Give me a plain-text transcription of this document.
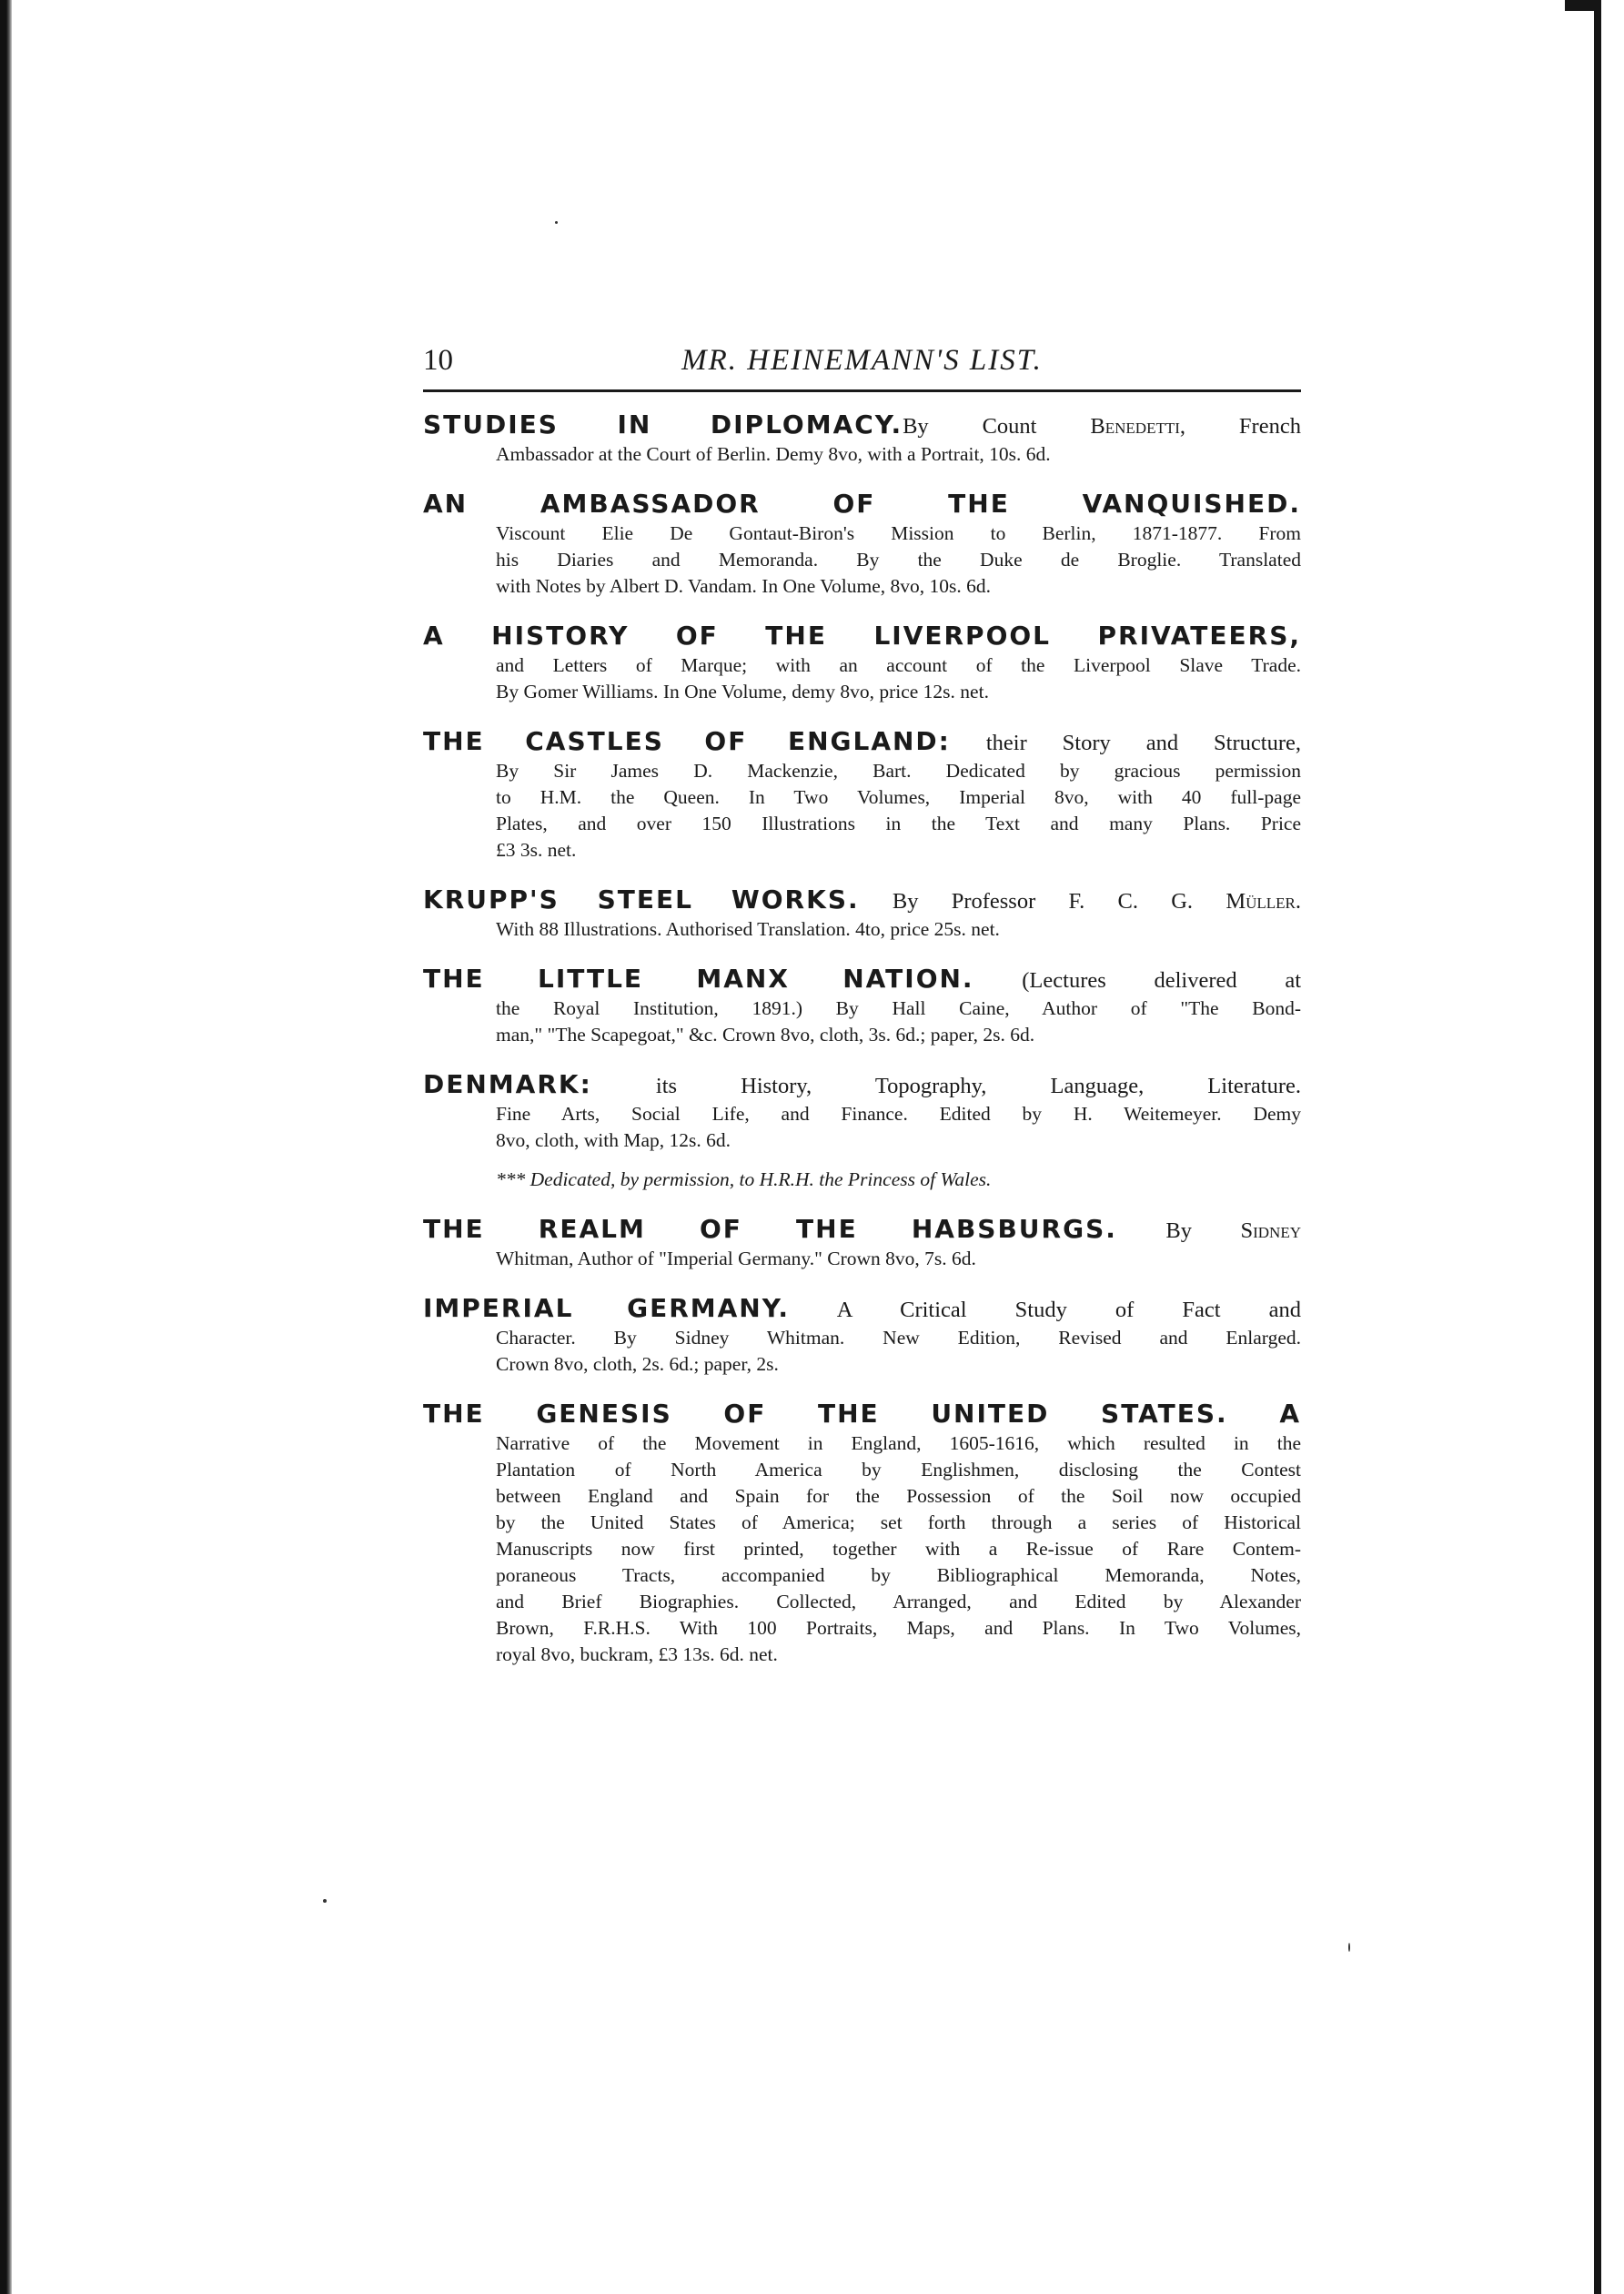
10	MR. HEINEMANN'S LIST.
STUDIES IN DIPLOMACY.By Count Benedetti, French
Ambassador at the Court of Berlin. Demy 8vo, with a Portrait, 10s. 6d.
AN AMBASSADOR OF THE VANQUISHED.
Viscount Elie De Gontaut-Biron's Mission to Berlin, 1871-1877. From
his Diaries and Memoranda. By the Duke de Broglie. Translated
with Notes by Albert D. Vandam. In One Volume, 8vo, 10s. 6d.
A HISTORY OF THE LIVERPOOL PRIVATEERS,
and Letters of Marque; with an account of the Liverpool Slave Trade.
By Gomer Williams. In One Volume, demy 8vo, price 12s. net.
THE CASTLES OF ENGLAND: their Story and Structure,
By Sir James D. Mackenzie, Bart. Dedicated by gracious permission
to H.M. the Queen. In Two Volumes, Imperial 8vo, with 40 full-page
Plates, and over 150 Illustrations in the Text and many Plans. Price
£3 3s. net.
KRUPP'S STEEL WORKS. By Professor F. C. G. Müller.
With 88 Illustrations. Authorised Translation. 4to, price 25s. net.
THE LITTLE MANX NATION. (Lectures delivered at
the Royal Institution, 1891.) By Hall Caine, Author of "The Bond-
man," "The Scapegoat," &c. Crown 8vo, cloth, 3s. 6d.; paper, 2s. 6d.
DENMARK: its History, Topography, Language, Literature.
Fine Arts, Social Life, and Finance. Edited by H. Weitemeyer. Demy
8vo, cloth, with Map, 12s. 6d.
*** Dedicated, by permission, to H.R.H. the Princess of Wales.
THE REALM OF THE HABSBURGS. By Sidney
Whitman, Author of "Imperial Germany." Crown 8vo, 7s. 6d.
IMPERIAL GERMANY. A Critical Study of Fact and
Character. By Sidney Whitman. New Edition, Revised and Enlarged.
Crown 8vo, cloth, 2s. 6d.; paper, 2s.
THE GENESIS OF THE UNITED STATES. A
Narrative of the Movement in England, 1605-1616, which resulted in the
Plantation of North America by Englishmen, disclosing the Contest
between England and Spain for the Possession of the Soil now occupied
by the United States of America; set forth through a series of Historical
Manuscripts now first printed, together with a Re-issue of Rare Contem-
poraneous Tracts, accompanied by Bibliographical Memoranda, Notes,
and Brief Biographies. Collected, Arranged, and Edited by Alexander
Brown, F.R.H.S. With 100 Portraits, Maps, and Plans. In Two Volumes,
royal 8vo, buckram, £3 13s. 6d. net.
